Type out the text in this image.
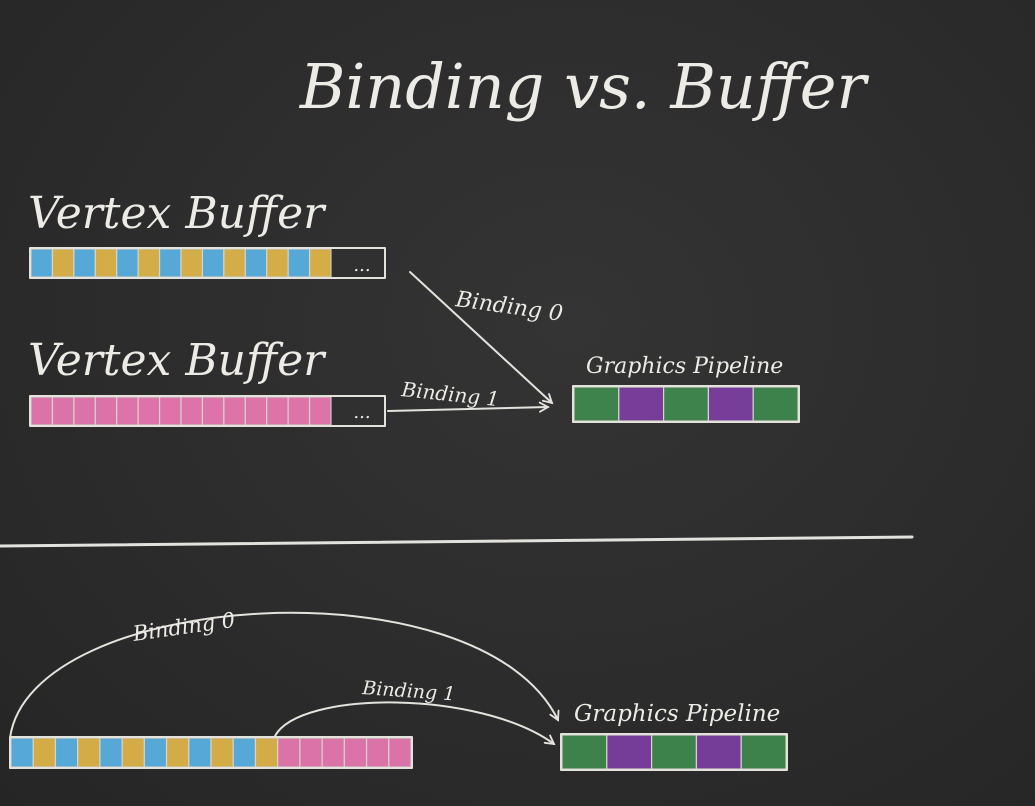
Binding vs. Buffer
Vertex Buffer
...
Vertex Buffer
...
Binding 0
Binding 1
Graphics Pipeline
Binding 0
Binding 1
Graphics Pipeline
